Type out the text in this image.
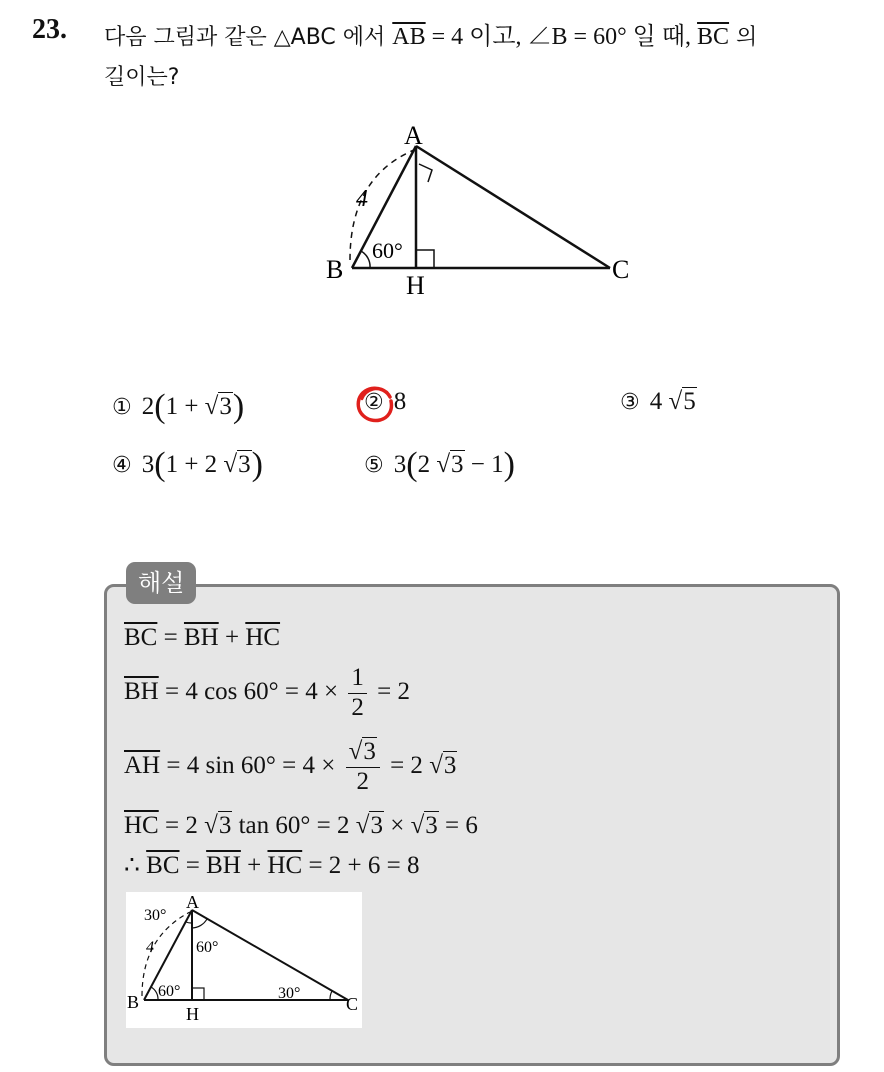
23. 다음 그림과 같은 △ABC 에서 $\overline{AB} = 4$ 이고, ∠B = 60° 일 때, $\overline{BC}$ 의
길이는?
A
B	C
H
4
60°
① 2(1 + √3)	② 8	③ 4 √5
④ 3(1 + 2 √3)	⑤ 3(2 √3 − 1)
해설
$\overline{BC} = \overline{BH} + \overline{HC}$
$\overline{BH} = 4$ $\cos 60^\circ = 4 \times \frac{1}{2} = 2$
$\overline{AH} = 4$ $\sin 60^\circ = 4 \times \frac{√3}{2} = 2$ √3
$\overline{HC} = 2$ √3 tan 60° = 2 √3 × √3 = 6
∴ $\overline{BC} = \overline{BH} + \overline{HC} = 2 + 6 = 8$
A
B	C
H
4
30°
60°
60°	30°
